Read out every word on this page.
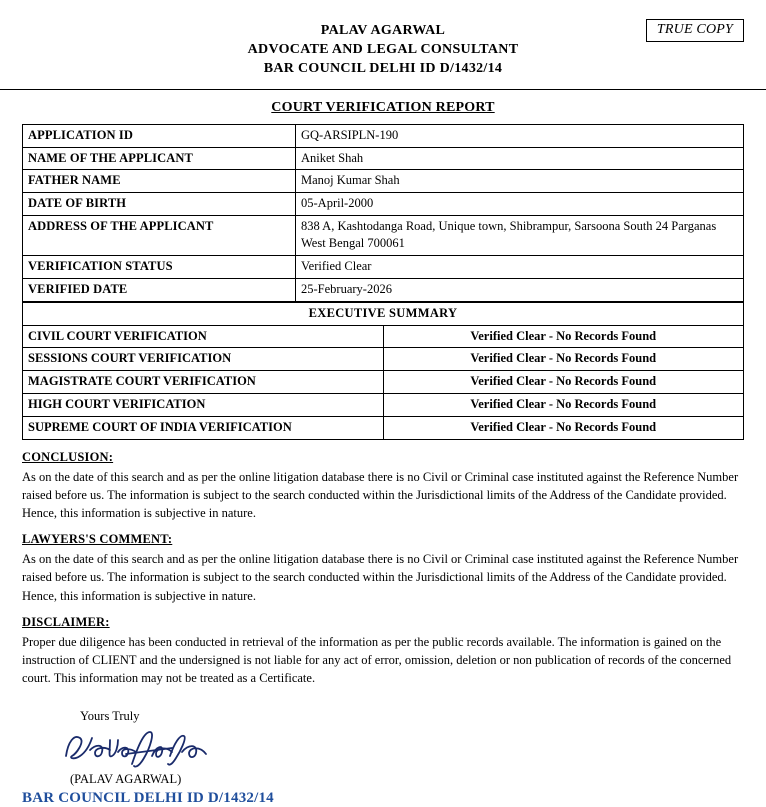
TRUE COPY
PALAV AGARWAL
ADVOCATE AND LEGAL CONSULTANT
BAR COUNCIL DELHI ID D/1432/14
COURT VERIFICATION REPORT
APPLICATION ID	GQ-ARSIPLN-190
NAME OF THE APPLICANT	Aniket Shah
FATHER NAME	Manoj Kumar Shah
DATE OF BIRTH	05-April-2000
ADDRESS OF THE APPLICANT	838 A, Kashtodanga Road, Unique town, Shibrampur, Sarsoona South 24 Parganas West Bengal 700061
VERIFICATION STATUS	Verified Clear
VERIFIED DATE	25-February-2026
EXECUTIVE SUMMARY	
CIVIL COURT VERIFICATION	Verified Clear - No Records Found
SESSIONS COURT VERIFICATION	Verified Clear - No Records Found
MAGISTRATE COURT VERIFICATION	Verified Clear - No Records Found
HIGH COURT VERIFICATION	Verified Clear - No Records Found
SUPREME COURT OF INDIA VERIFICATION	Verified Clear - No Records Found
CONCLUSION:
As on the date of this search and as per the online litigation database there is no Civil or Criminal case instituted against the Reference Number raised before us. The information is subject to the search conducted within the Jurisdictional limits of the Address of the Candidate provided. Hence, this information is subjective in nature.
LAWYERS'S COMMENT:
As on the date of this search and as per the online litigation database there is no Civil or Criminal case instituted against the Reference Number raised before us. The information is subject to the search conducted within the Jurisdictional limits of the Address of the Candidate provided. Hence, this information is subjective in nature.
DISCLAIMER:
Proper due diligence has been conducted in retrieval of the information as per the public records available. The information is gained on the instruction of CLIENT and the undersigned is not liable for any act of error, omission, deletion or non publication of records of the concerned court. This information may not be treated as a Certificate.
Yours Truly
(PALAV AGARWAL)
BAR COUNCIL DELHI ID D/1432/14
